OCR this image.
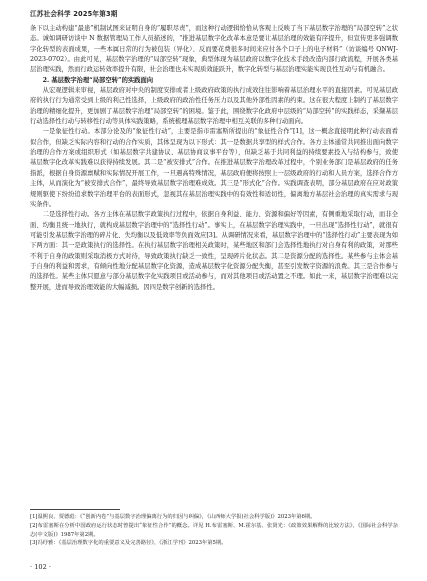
江苏社会科学 2025年第3期

条下以主动构建“最患”机制试图来证明自身的“履职尽责”，而这种行动逻辑恰恰从客观上反映了当下基层数字治理的“局部空转”之状态。诚如调研访谈中 N 数据管理局工作人员描述的，“推进基层数字化改革本意是要让基层治理的效能有序提升，但宣传更多强调数字化转型的表面成果，一些本属日常的行为被包装（异化）、反而要花费很多时间来应付各个口子上的电子材料”（访谈编号 QNWJ-2023-0702）。由此可见，基层数字治理的“局部空转”现象，典型体现为基层政府以数字化技术手段改造内部行政流程，开展各类基层治理实践，然而行政运转效率提升有限，社会治理也未实现质效能跃升，数字化转型与基层治理实能实现良性互动与有机融合。

2. 基层数字治理“局部空转”的实践面向

从宏观逻辑来审视，基层政府对中央的制度安排或者上级政府政策的执行成效往往影响着基层治理水平的直接因素。可见基层政府的执行行为通常受到上级的利己性选择，上级政府的政治性任务压力以及其他外部性因素的约束。这在很大程度上制约了基层数字治理的精细化提升，更加剧了基层数字治理“局部空转”的困境。鉴于此，围绕数字化政府中层级的“局部空转”的实践样态，采撷基层行动选择性行动与转移性行动等具体实践策略，系统梳理基层数字治理中相互关联的多种行动面向。

一是象征性行动。本部分论及的“象征性行动”，主要是指市雷塞斯所提出的“象征性合作”[1]，这一概念直接明此种行动表面看似合作，但缺乏实际内容和行动的合作实质，其体呈现为以下形式：其一是数据共享型的样式合作。各方主体通常共同推出面向数字治理的合作方案或组织形式（如基层数字共建协议、基层协商议事平台等），但缺乏基于共同利益的持续要素投入与结构参与，致使基层数字化改革实践难以获得持续发展。其二是“被安排式”合作。在推进基层数字治理改革过程中，个别业务部门是基层政府的任务指派，根据自身资源禀赋和实际情况开展工作，一旦遇高特殊情况，基层政府便将按照上一层级政府的行动和人员方案，选择合作方主体，从而演化为“被安排式合作”，最终导致基层数字治理难成效。其三是“形式化”合作。实践调查表明，部分基层政府在应对政策规则驱使下纷纷追求数字治理平台的表面形式，忽视其在基层治理实践中的有效性和适切性，偏离地方基层社会治理的真实需求与现实条件。

二是选择性行动。各方主体在基层数字政策执行过程中，依据自身利益、能力、资源和偏好等因素，有侧重地采取行动，而非全面、均衡且统一地执行，就构成基层数字治理中的“选择性行动”。事实上，在基层数字治理实践中，一旦出现“选择性行动”，就很有可能引发基层数字治理的碎片化、失均衡以及低效率等负面效应[3]。从调研情况来看，基层数字治理中的“选择性行动”主要表现为如下两方面：其一是政策执行的选择性。在执行基层数字治理相关政策时，某些地区和部门会选择性地执行对自身有利的政策，对那些不利于自身的政策则采取消极方式对待，导致政策执行缺乏一致性，呈现碎片化状态。其二是资源分配的选择性。某些参与主体会基于自身的利益和需求，有倾向性地分配基层数字化资源，造成基层数字化资源分配失衡，甚至引发数字资源的浪费。其三是合作参与的选择性。某些主体只愿意与部分基层数字化实践项目或活动参与，而对其他项目或活动置之不理。如此一来，基层数字治理难以完整开展，进而导致治理效能的大幅减损。因四是数字创新的选择性。

[1]温熙良、贾德彪：《“创新内卷”与基层数字治理偏离行为的归因与纠偏》，《山西师大学报(社会科学版)》2023年第6期。

[2]布雷塞斯在分析中国政府运行状态时曾提出“象征性合作”的概念。详见 H.布雷塞斯、M.霍尔基、张贤光：《政策效果解释的比较方法》，《国际社会科学杂志(中文版)》1987年第2期。

[3]冯纾雅：《基层治理数字化的重要意义及完善路径》，《浙江学刊》2023年第5期。

· 102 ·
